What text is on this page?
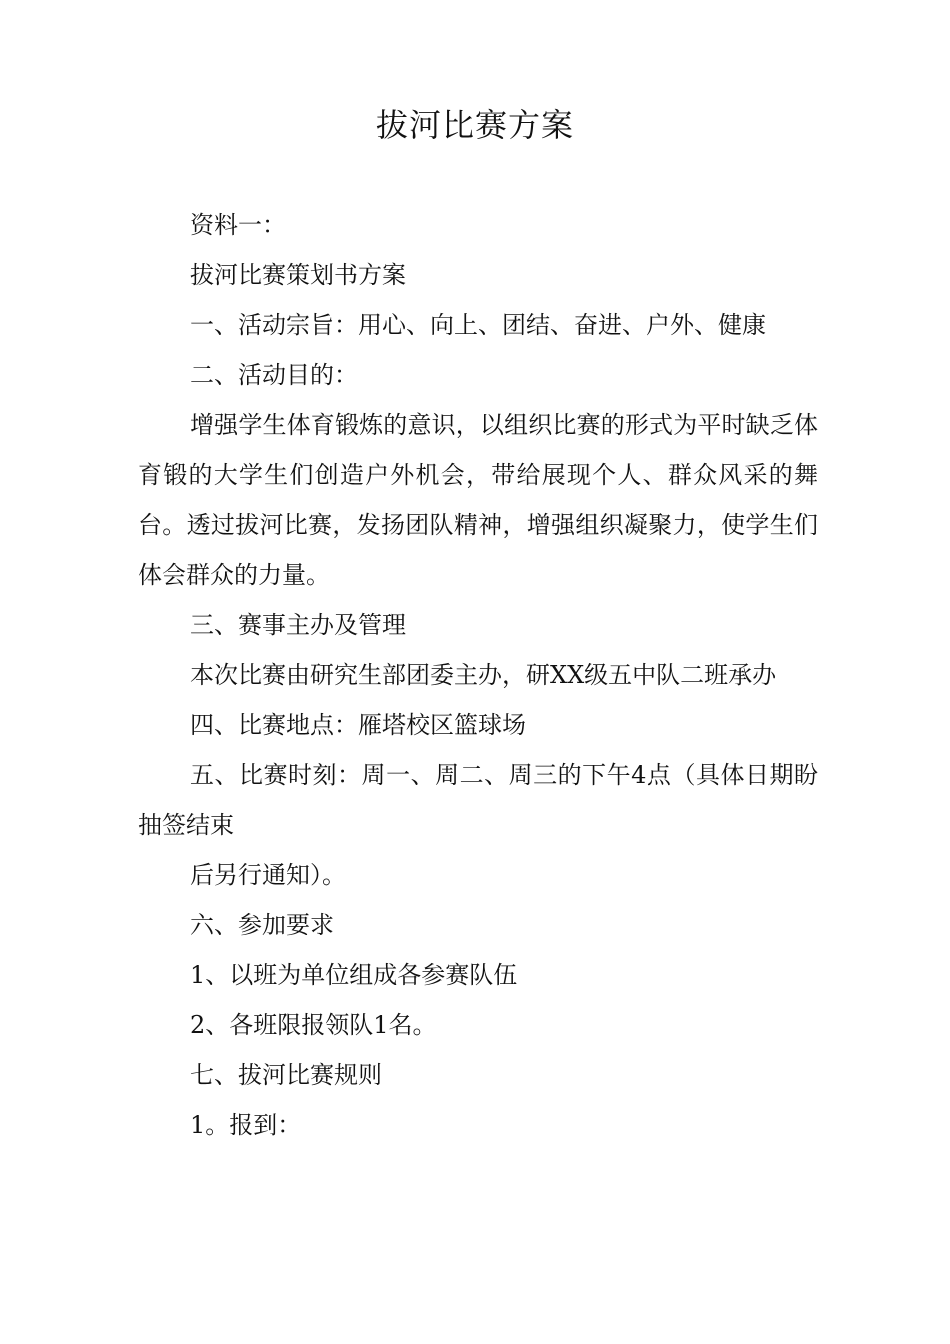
拔河比赛方案

资料一：

拔河比赛策划书方案

一、活动宗旨：用心、向上、团结、奋进、户外、健康

二、活动目的：

增强学生体育锻炼的意识，以组织比赛的形式为平时缺乏体育锻的大学生们创造户外机会，带给展现个人、群众风采的舞台。透过拔河比赛，发扬团队精神，增强组织凝聚力，使学生们体会群众的力量。

三、赛事主办及管理

本次比赛由研究生部团委主办，研XX级五中队二班承办

四、比赛地点：雁塔校区篮球场

五、比赛时刻：周一、周二、周三的下午4点（具体日期盼抽签结束

后另行通知）。

六、参加要求

1、以班为单位组成各参赛队伍

2、各班限报领队1名。

七、拔河比赛规则

1。报到：
